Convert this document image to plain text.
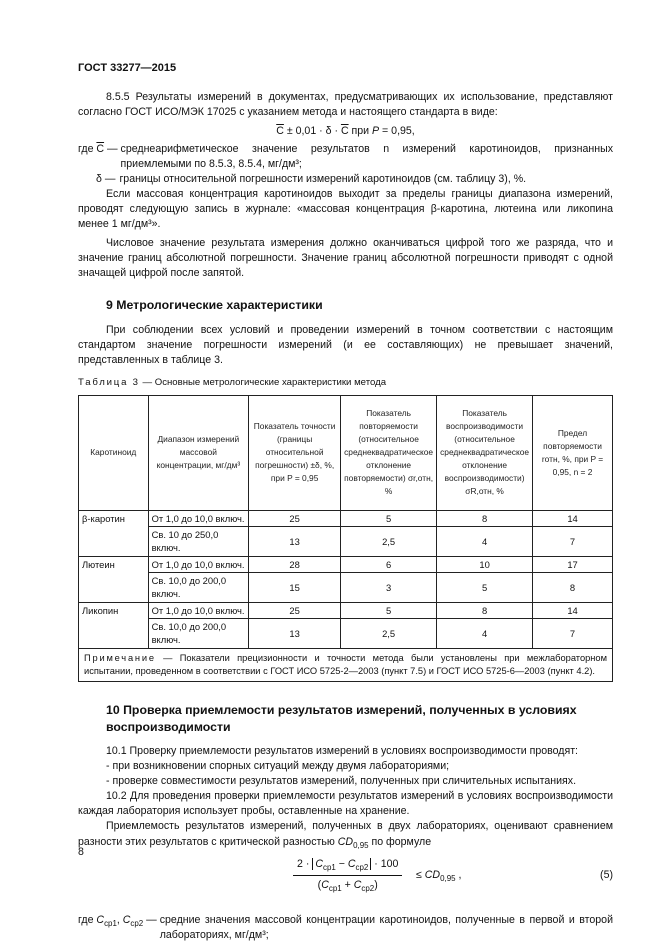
ГОСТ 33277—2015

8.5.5 Результаты измерений в документах, предусматривающих их использование, представляют согласно ГОСТ ИСО/МЭК 17025 с указанием метода и настоящего стандарта в виде:

$\overline{C} \pm 0,01 \cdot \delta \cdot \overline{C}$ при P = 0,95,
где $\overline{C}$ — среднеарифметическое значение результатов n измерений каротиноидов, признанных приемлемыми по 8.5.3, 8.5.4, мг/дм³;

δ — границы относительной погрешности измерений каротиноидов (см. таблицу 3), %.

Если массовая концентрация каротиноидов выходит за пределы границы диапазона измерений, проводят следующую запись в журнале: «массовая концентрация β-каротина, лютеина или ликопина менее 1 мг/дм³».

Числовое значение результата измерения должно оканчиваться цифрой того же разряда, что и значение границ абсолютной погрешности. Значение границ абсолютной погрешности приводят с одной значащей цифрой после запятой.

9 Метрологические характеристики

При соблюдении всех условий и проведении измерений в точном соответствии с настоящим стандартом значение погрешности измерений (и ее составляющих) не превышает значений, представленных в таблице 3.

Таблица 3 — Основные метрологические характеристики метода
Каротиноид	Диапазон измерений массовой концентрации, мг/дм³	Показатель точности (границы относительной погрешности) ±δ, %, при P = 0,95	Показатель повторяемости (относительное среднеквадратическое отклонение повторяемости) σr,отн, %	Показатель воспроизводимости (относительное среднеквадратическое отклонение воспроизводимости) σR,отн, %	Предел повторяемости rотн, %, при P = 0,95, n = 2
β-каротин	От 1,0 до 10,0 включ.	25	5	8	14
	Св. 10 до 250,0 включ.	13	2,5	4	7
Лютеин	От 1,0 до 10,0 включ.	28	6	10	17
	Св. 10,0 до 200,0 включ.	15	3	5	8
Ликопин	От 1,0 до 10,0 включ.	25	5	8	14
	Св. 10,0 до 200,0 включ.	13	2,5	4	7
Примечание — Показатели прецизионности и точности метода были установлены при межлабораторном испытании, проведенном в соответствии с ГОСТ ИСО 5725-2—2003 (пункт 7.5) и ГОСТ ИСО 5725-6—2003 (пункт 4.2).					
10 Проверка приемлемости результатов измерений, полученных в условиях воспроизводимости

10.1 Проверку приемлемости результатов измерений в условиях воспроизводимости проводят:

- при возникновении спорных ситуаций между двумя лабораториями;

- проверке совместимости результатов измерений, полученных при сличительных испытаниях.

10.2 Для проведения проверки приемлемости результатов измерений в условиях воспроизводимости каждая лаборатория использует пробы, оставленные на хранение.

Приемлемость результатов измерений, полученных в двух лабораториях, оценивают сравнением разности этих результатов с критической разностью $CD_{0,95}$ по формуле

$2 \cdot C_{ср1} - C_{ср2} \cdot 100$
$(C_{ср1} + C_{ср2})$
≤ $CD_{0,95}$ ,	(5)
где $C_{ср1}$, $C_{ср2}$ — средние значения массовой концентрации каротиноидов, полученные в первой и второй лабораториях, мг/дм³;

8
